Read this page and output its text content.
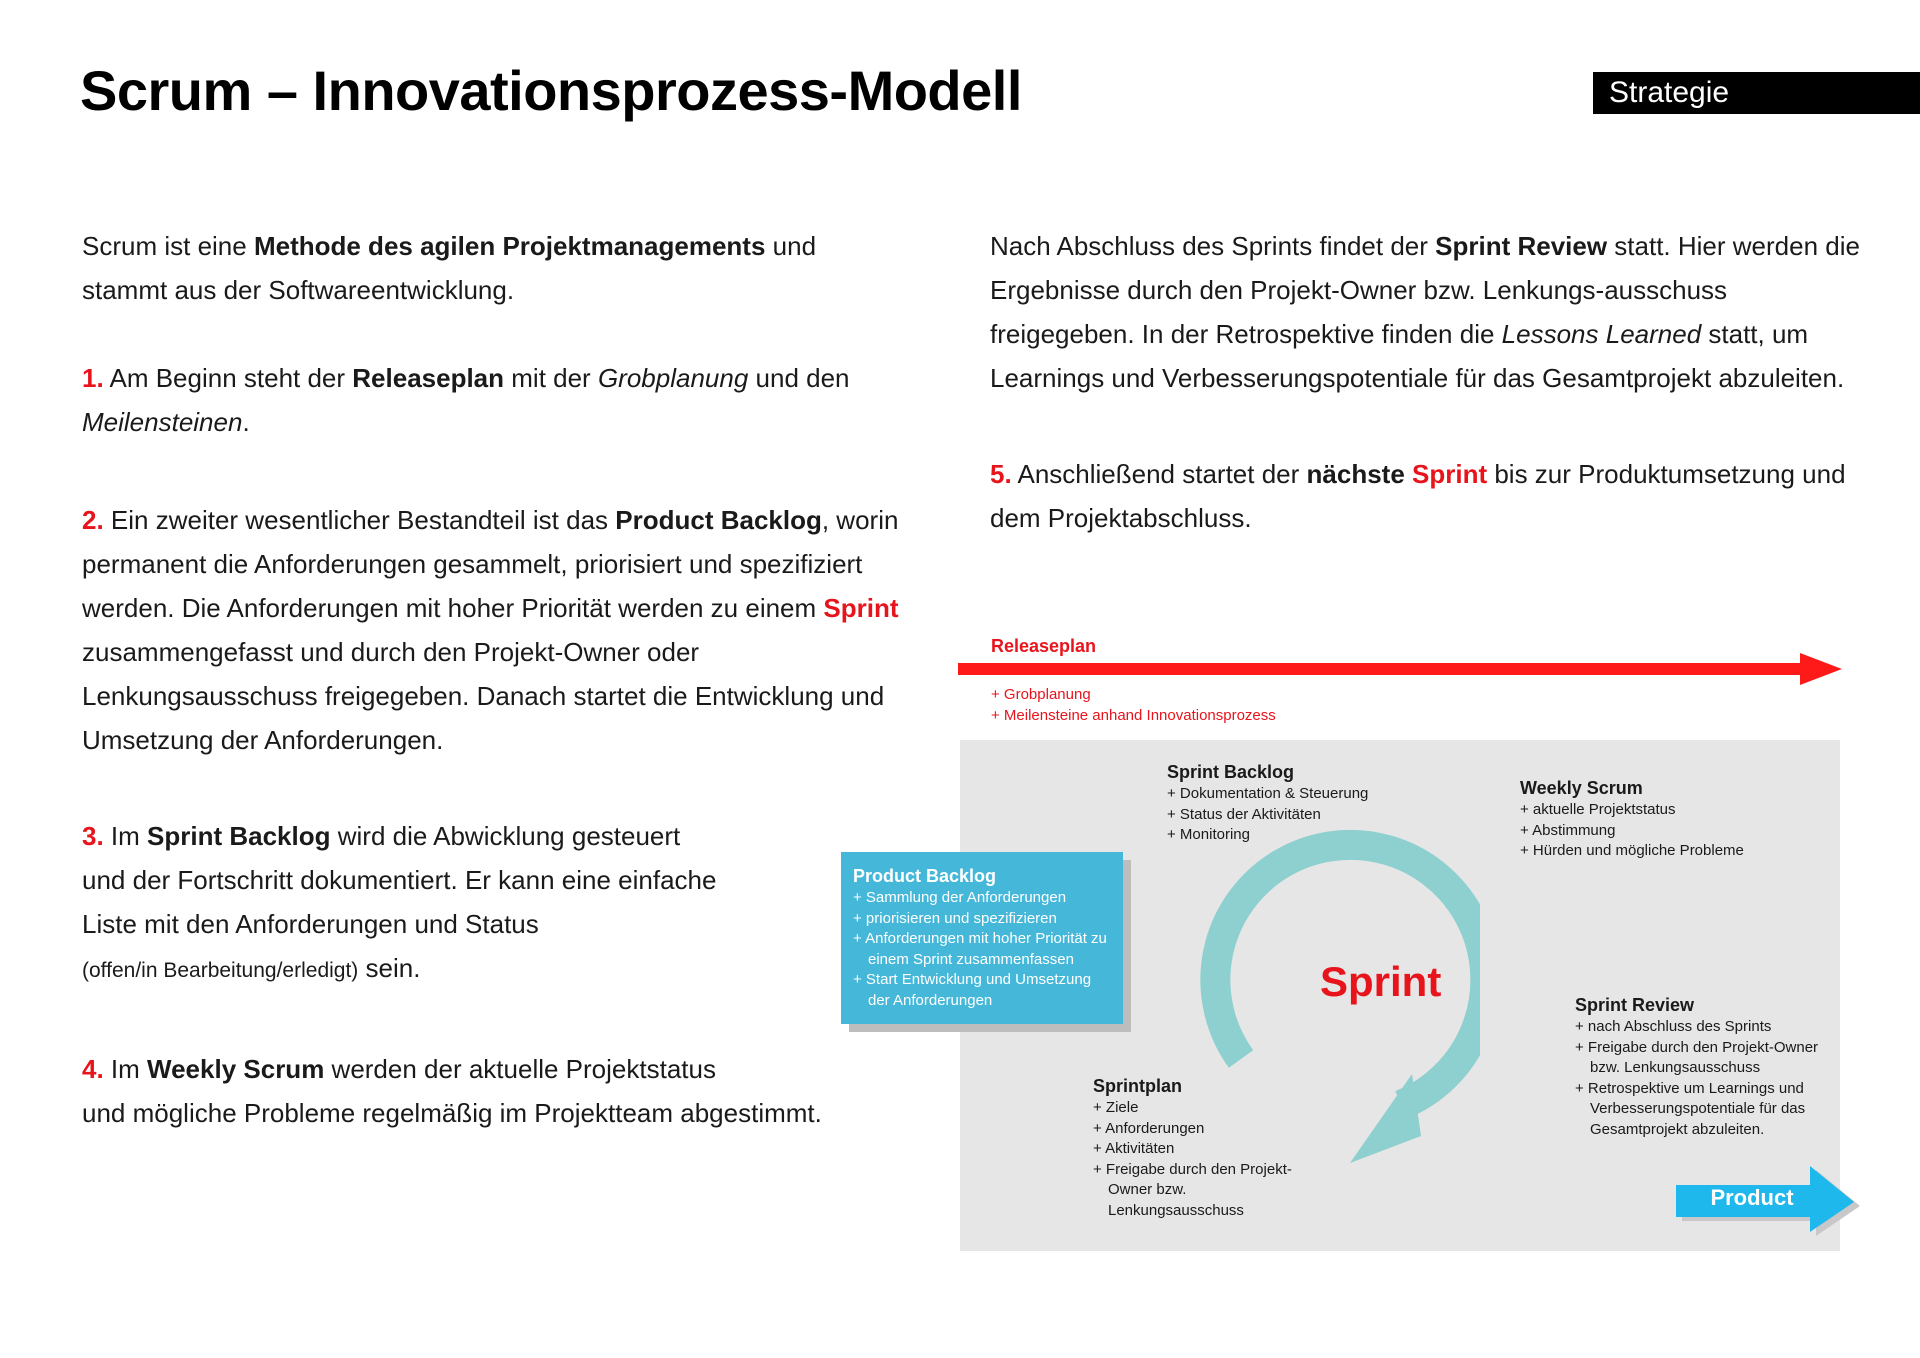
Scrum – Innovationsprozess-Modell	Strategie

Scrum ist eine Methode des agilen Projektmanagements und stammt aus der Softwareentwicklung.

1. Am Beginn steht der Releaseplan mit der Grobplanung und den Meilensteinen.

2. Ein zweiter wesentlicher Bestandteil ist das Product Backlog, worin permanent die Anforderungen gesammelt, priorisiert und spezifiziert werden. Die Anforderungen mit hoher Priorität werden zu einem Sprint zusammengefasst und durch den Projekt-Owner oder Lenkungsausschuss freigegeben. Danach startet die Entwicklung und Umsetzung der Anforderungen.

3. Im Sprint Backlog wird die Abwicklung gesteuert
und der Fortschritt dokumentiert. Er kann eine einfache
Liste mit den Anforderungen und Status
(offen/in Bearbeitung/erledigt) sein.

4. Im Weekly Scrum werden der aktuelle Projektstatus
und mögliche Probleme regelmäßig im Projektteam abgestimmt.

Nach Abschluss des Sprints findet der Sprint Review statt. Hier werden die Ergebnisse durch den Projekt-Owner bzw. Lenkungs-ausschuss freigegeben. In der Retrospektive finden die Lessons Learned statt, um Learnings und Verbesserungspotentiale für das Gesamtprojekt abzuleiten.

5. Anschließend startet der nächste Sprint bis zur Produktumsetzung und dem Projektabschluss.

Releaseplan
+ Grobplanung
+ Meilensteine anhand Innovationsprozess
Sprint
Sprint Backlog
+ Dokumentation & Steuerung
+ Status der Aktivitäten
+ Monitoring
Weekly Scrum
+ aktuelle Projektstatus
+ Abstimmung
+ Hürden und mögliche Probleme
Product Backlog
+ Sammlung der Anforderungen
+ priorisieren und spezifizieren
+ Anforderungen mit hoher Priorität zu einem Sprint zusammenfassen
+ Start Entwicklung und Umsetzung der Anforderungen	Sprint Review
+ nach Abschluss des Sprints
+ Freigabe durch den Projekt-Owner bzw. Lenkungsausschuss
+ Retrospektive um Learnings und Verbesserungspotentiale für das Gesamtprojekt abzuleiten.
Sprintplan
+ Ziele
+ Anforderungen
+ Aktivitäten
+ Freigabe durch den Projekt-Owner bzw. Lenkungsausschuss	Product
